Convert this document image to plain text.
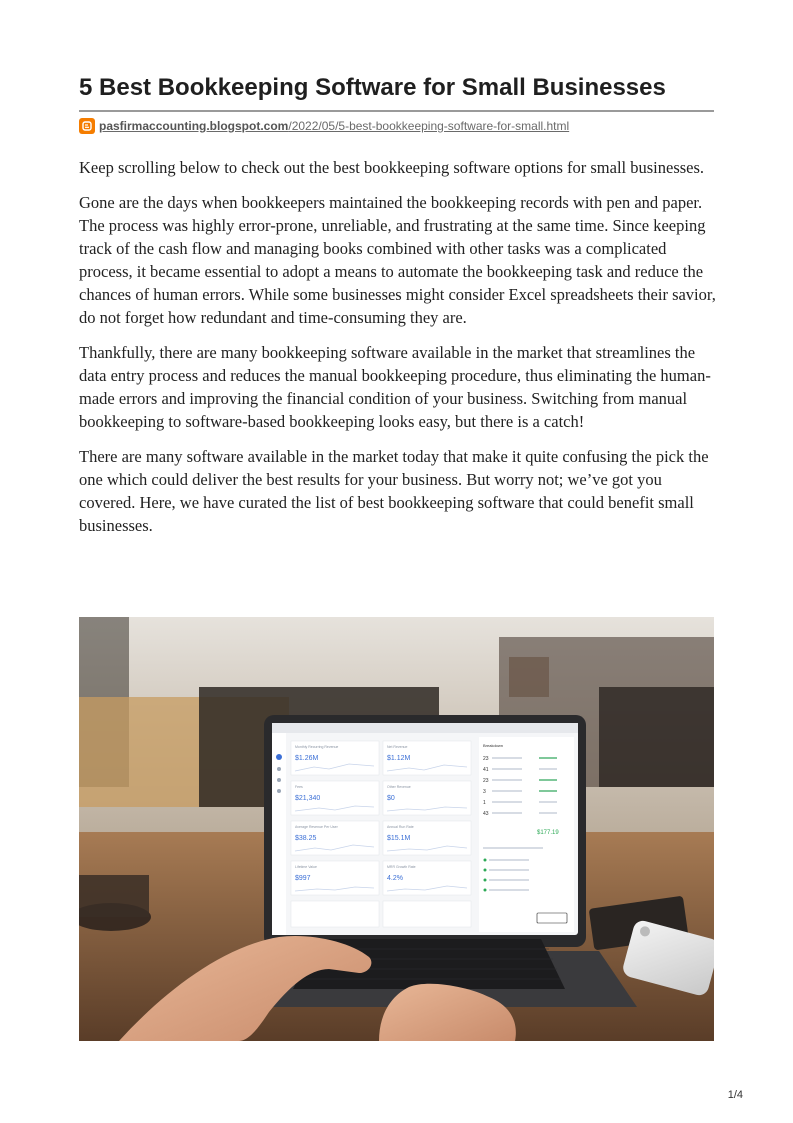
5 Best Bookkeeping Software for Small Businesses
pasfirmaccounting.blogspot.com/2022/05/5-best-bookkeeping-software-for-small.html

Keep scrolling below to check out the best bookkeeping software options for small businesses.

Gone are the days when bookkeepers maintained the bookkeeping records with pen and paper. The process was highly error-prone, unreliable, and frustrating at the same time. Since keeping track of the cash flow and managing books combined with other tasks was a complicated process, it became essential to adopt a means to automate the bookkeeping task and reduce the chances of human errors. While some businesses might consider Excel spreadsheets their savior, do not forget how redundant and time-consuming they are.

Thankfully, there are many bookkeeping software available in the market that streamlines the data entry process and reduces the manual bookkeeping procedure, thus eliminating the human-made errors and improving the financial condition of your business. Switching from manual bookkeeping to software-based bookkeeping looks easy, but there is a catch!

There are many software available in the market today that make it quite confusing the pick the one which could deliver the best results for your business. But worry not; we’ve got you covered. Here, we have curated the list of best bookkeeping software that could benefit small businesses.

Monthly Recurring Revenue
$1.26M
Net Revenue
$1.12M
Fees
$21,340
Other Revenue
$0
Average Revenue Per User
$38.25
Annual Run Rate
$15.1M
Lifetime Value
$997
MRR Growth Rate
4.2%
Breakdown
23
41
23
3
1
43
$177.19
1/4
